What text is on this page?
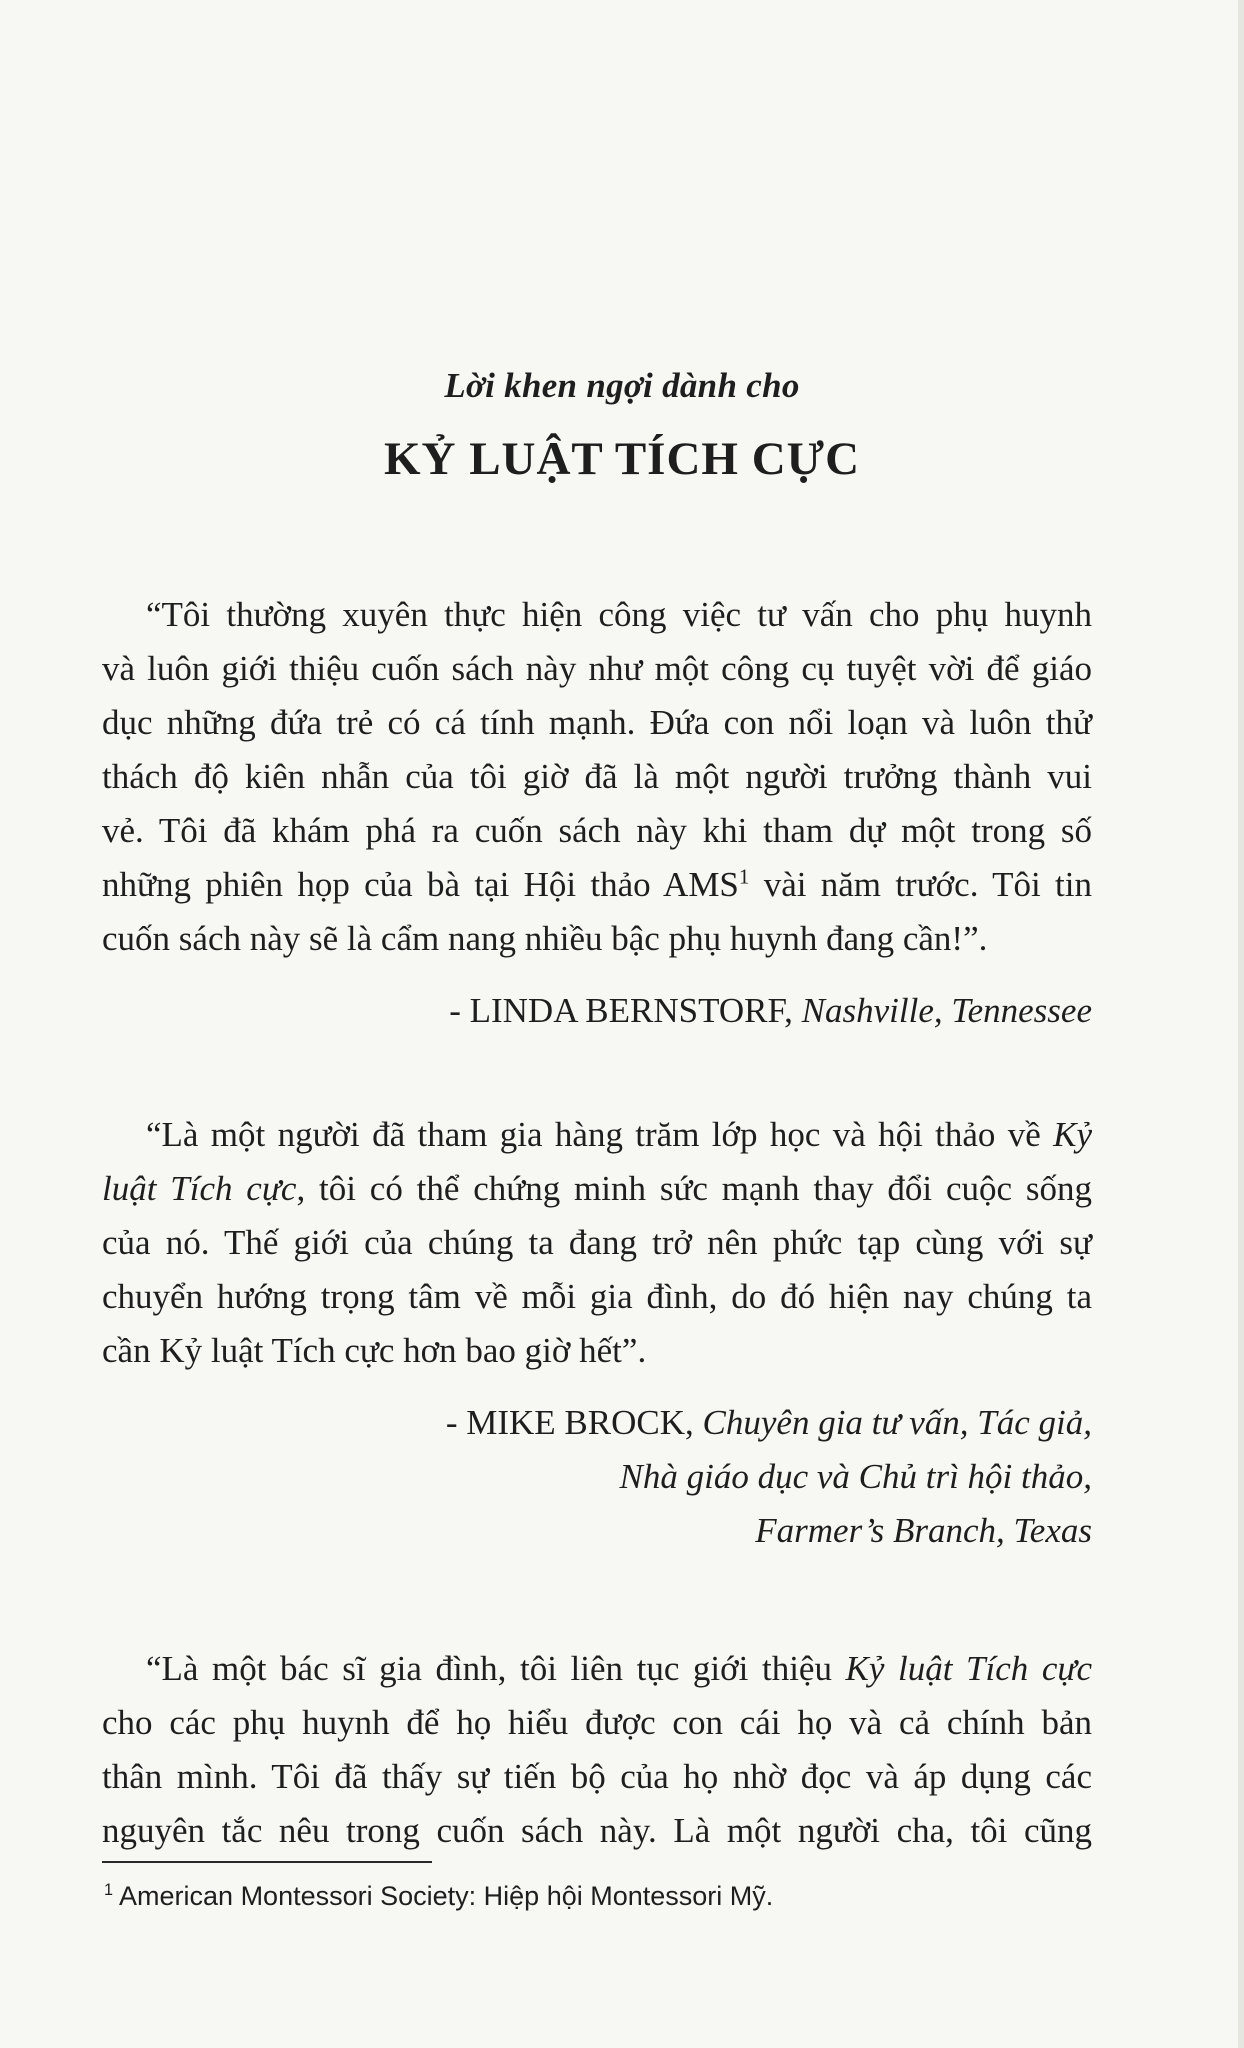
Lời khen ngợi dành cho
KỶ LUẬT TÍCH CỰC
“Tôi thường xuyên thực hiện công việc tư vấn cho phụ huynh
và luôn giới thiệu cuốn sách này như một công cụ tuyệt vời để giáo
dục những đứa trẻ có cá tính mạnh. Đứa con nổi loạn và luôn thử
thách độ kiên nhẫn của tôi giờ đã là một người trưởng thành vui
vẻ. Tôi đã khám phá ra cuốn sách này khi tham dự một trong số
những phiên họp của bà tại Hội thảo AMS$^1$ vài năm trước. Tôi tin
cuốn sách này sẽ là cẩm nang nhiều bậc phụ huynh đang cần!”.
- LINDA BERNSTORF, Nashville, Tennessee
“Là một người đã tham gia hàng trăm lớp học và hội thảo về Kỷ
luật Tích cực, tôi có thể chứng minh sức mạnh thay đổi cuộc sống
của nó. Thế giới của chúng ta đang trở nên phức tạp cùng với sự
chuyển hướng trọng tâm về mỗi gia đình, do đó hiện nay chúng ta
cần Kỷ luật Tích cực hơn bao giờ hết”.
- MIKE BROCK, Chuyên gia tư vấn, Tác giả,
Nhà giáo dục và Chủ trì hội thảo,
Farmer’s Branch, Texas
“Là một bác sĩ gia đình, tôi liên tục giới thiệu Kỷ luật Tích cực
cho các phụ huynh để họ hiểu được con cái họ và cả chính bản
thân mình. Tôi đã thấy sự tiến bộ của họ nhờ đọc và áp dụng các
nguyên tắc nêu trong cuốn sách này. Là một người cha, tôi cũng
$^1$ American Montessori Society: Hiệp hội Montessori Mỹ.
